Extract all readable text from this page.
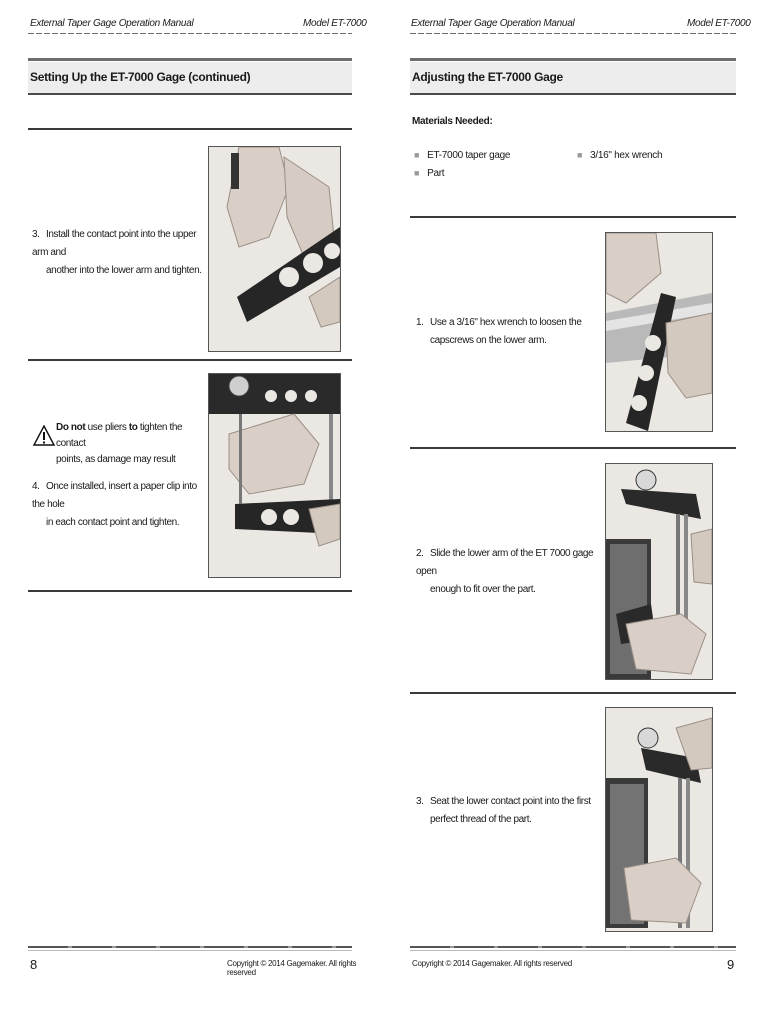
External Taper Gage Operation Manual	Model ET-7000
Setting Up the ET-7000 Gage (continued)
3. Install the contact point into the upper arm and
another into the lower arm and tighten.
Do not use pliers to tighten the contact
points, as damage may result
4. Once installed, insert a paper clip into the hole
in each contact point and tighten.
8	Copyright © 2014 Gagemaker. All rights reserved
External Taper Gage Operation Manual	Model ET-7000
Adjusting the ET-7000 Gage
Materials Needed:
■ ET-7000 taper gage
■ Part
■ 3/16" hex wrench
1. Use a 3/16" hex wrench to loosen the
capscrews on the lower arm.
2. Slide the lower arm of the ET 7000 gage open
enough to fit over the part.
3. Seat the lower contact point into the first
perfect thread of the part.
Copyright © 2014 Gagemaker. All rights reserved	9
